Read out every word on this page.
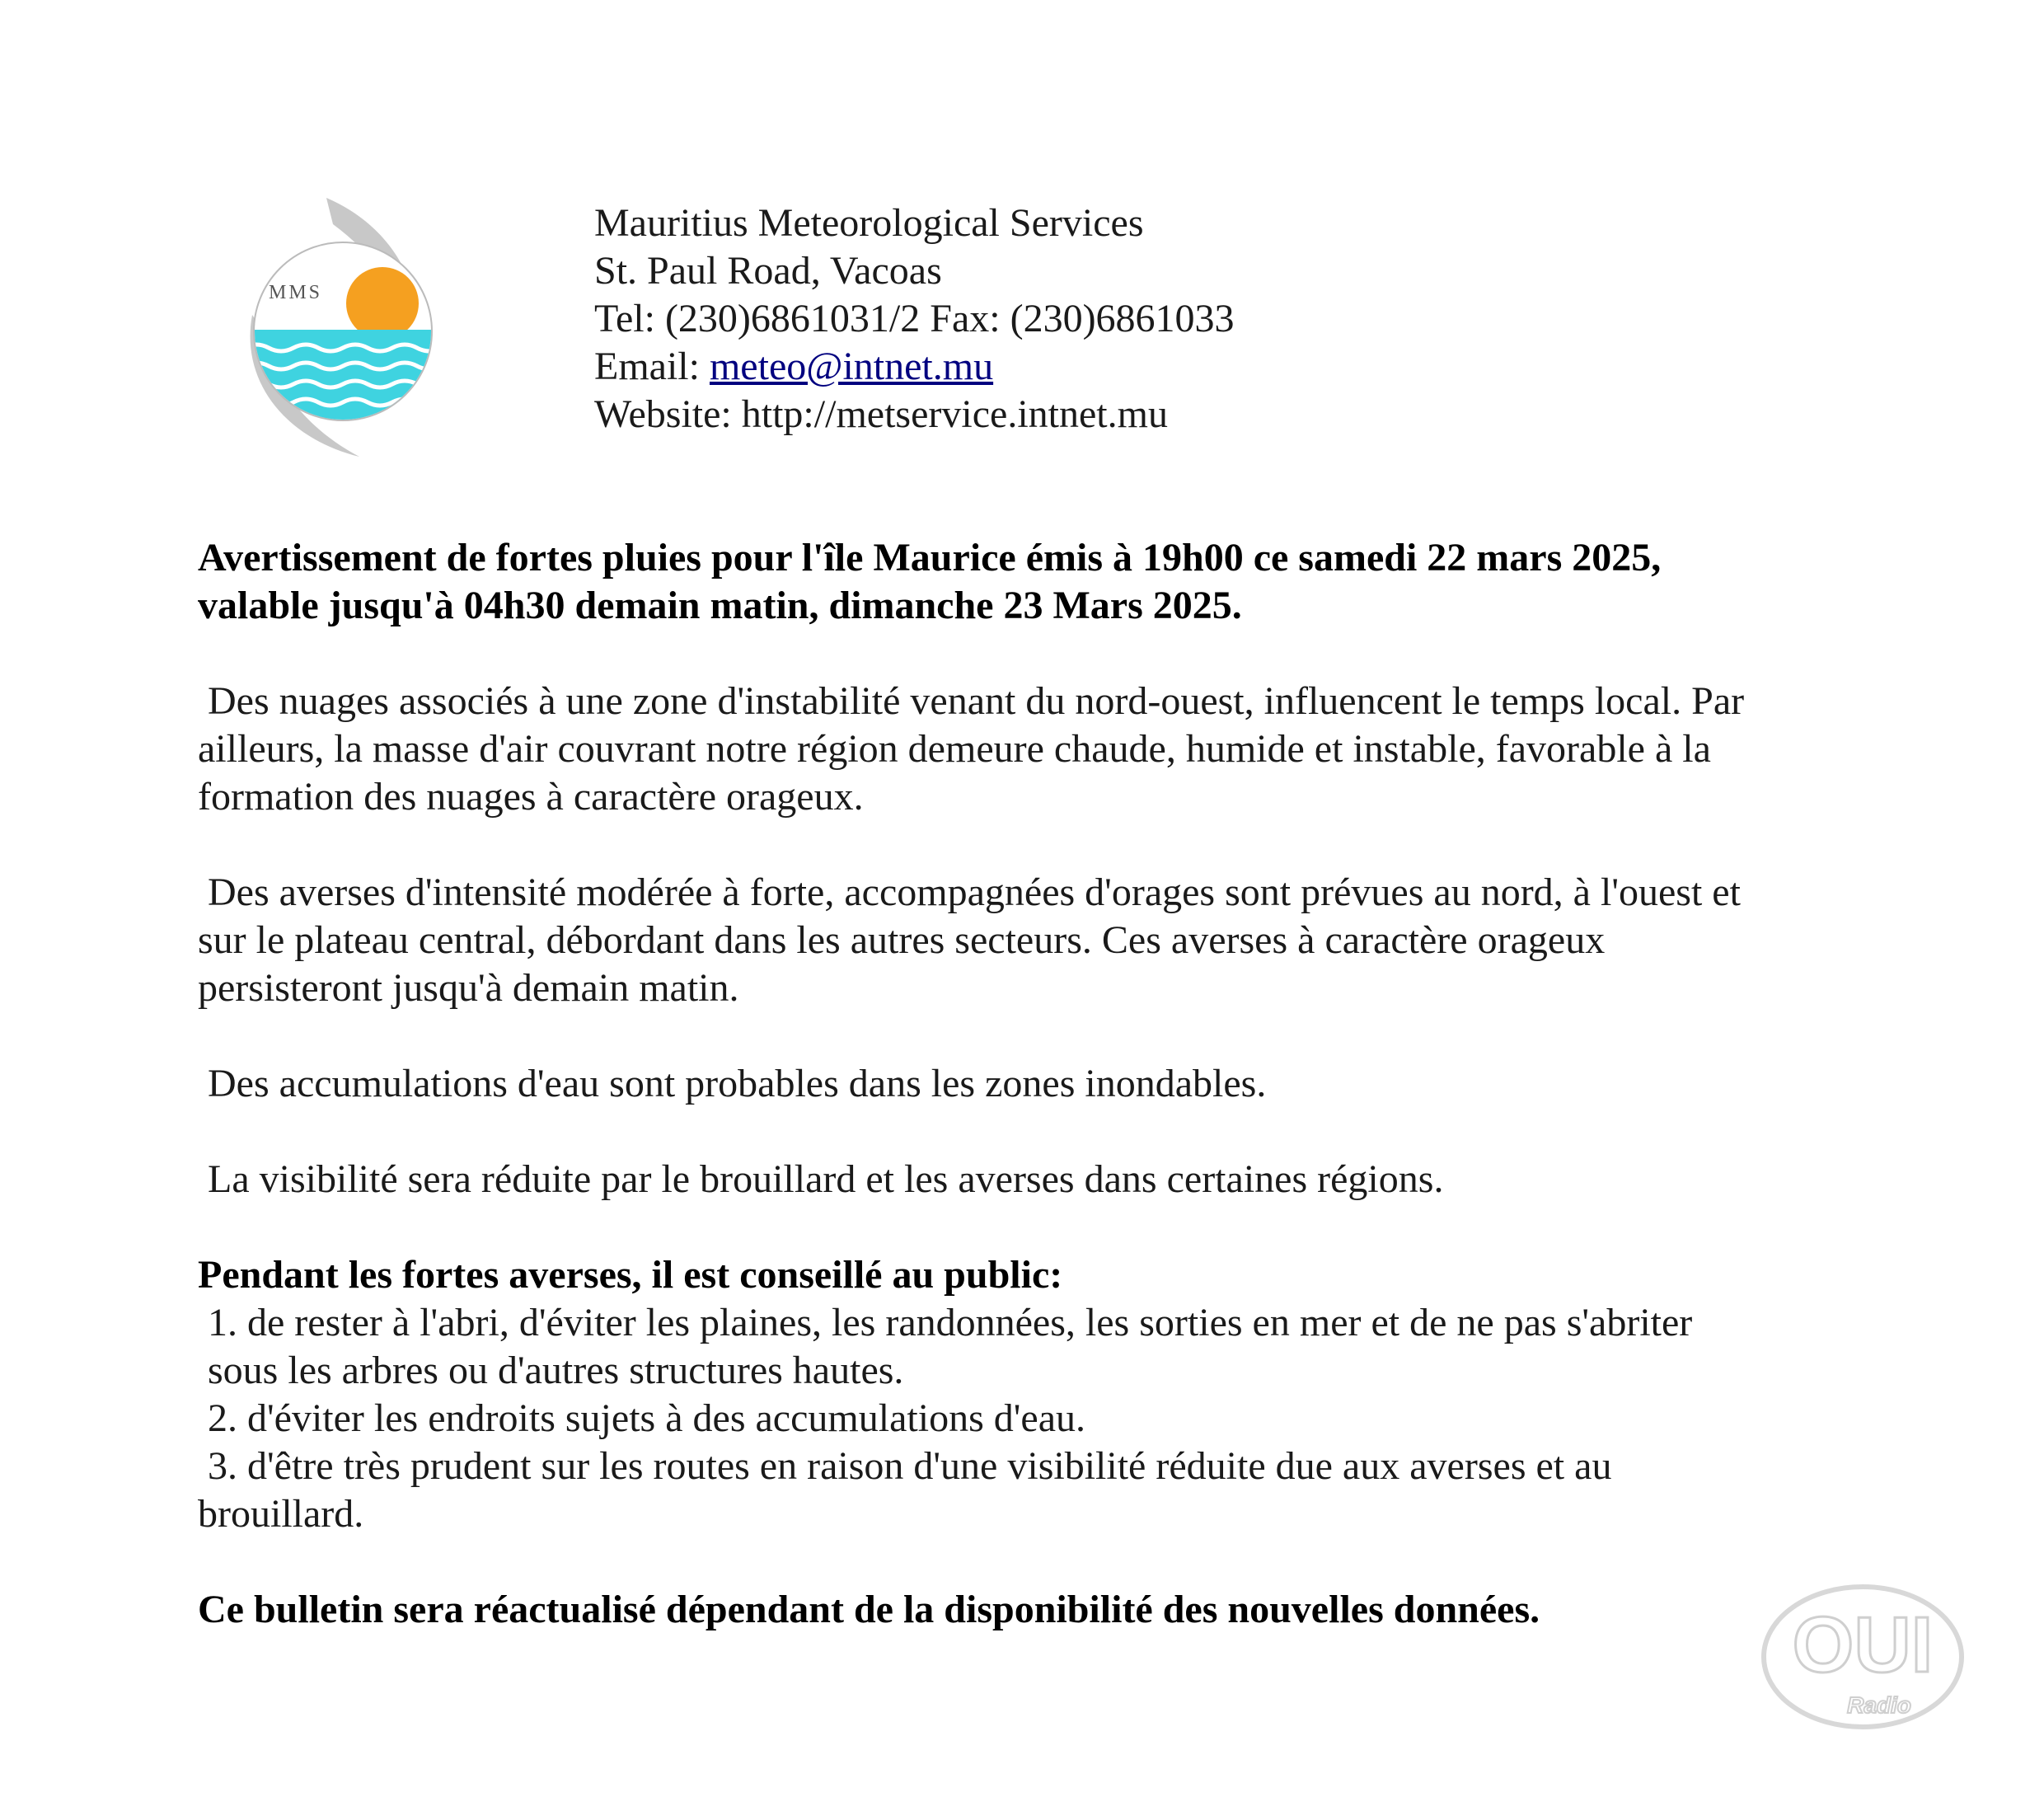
MMS
Mauritius Meteorological Services
St. Paul Road, Vacoas
Tel: (230)6861031/2 Fax: (230)6861033
Email: meteo@intnet.mu
Website: http://metservice.intnet.mu
Avertissement de fortes pluies pour l'île Maurice émis à 19h00 ce samedi 22 mars 2025,
valable jusqu'à 04h30 demain matin, dimanche 23 Mars 2025.
Des nuages associés à une zone d'instabilité venant du nord-ouest, influencent le temps local. Par
ailleurs, la masse d'air couvrant notre région demeure chaude, humide et instable, favorable à la
formation des nuages à caractère orageux.
Des averses d'intensité modérée à forte, accompagnées d'orages sont prévues au nord, à l'ouest et
sur le plateau central, débordant dans les autres secteurs. Ces averses à caractère orageux
persisteront jusqu'à demain matin.
Des accumulations d'eau sont probables dans les zones inondables.
La visibilité sera réduite par le brouillard et les averses dans certaines régions.
Pendant les fortes averses, il est conseillé au public:
1. de rester à l'abri, d'éviter les plaines, les randonnées, les sorties en mer et de ne pas s'abriter
sous les arbres ou d'autres structures hautes.
2. d'éviter les endroits sujets à des accumulations d'eau.
3. d'être très prudent sur les routes en raison d'une visibilité réduite due aux averses et au
brouillard.
Ce bulletin sera réactualisé dépendant de la disponibilité des nouvelles données.	OUI
Radio
